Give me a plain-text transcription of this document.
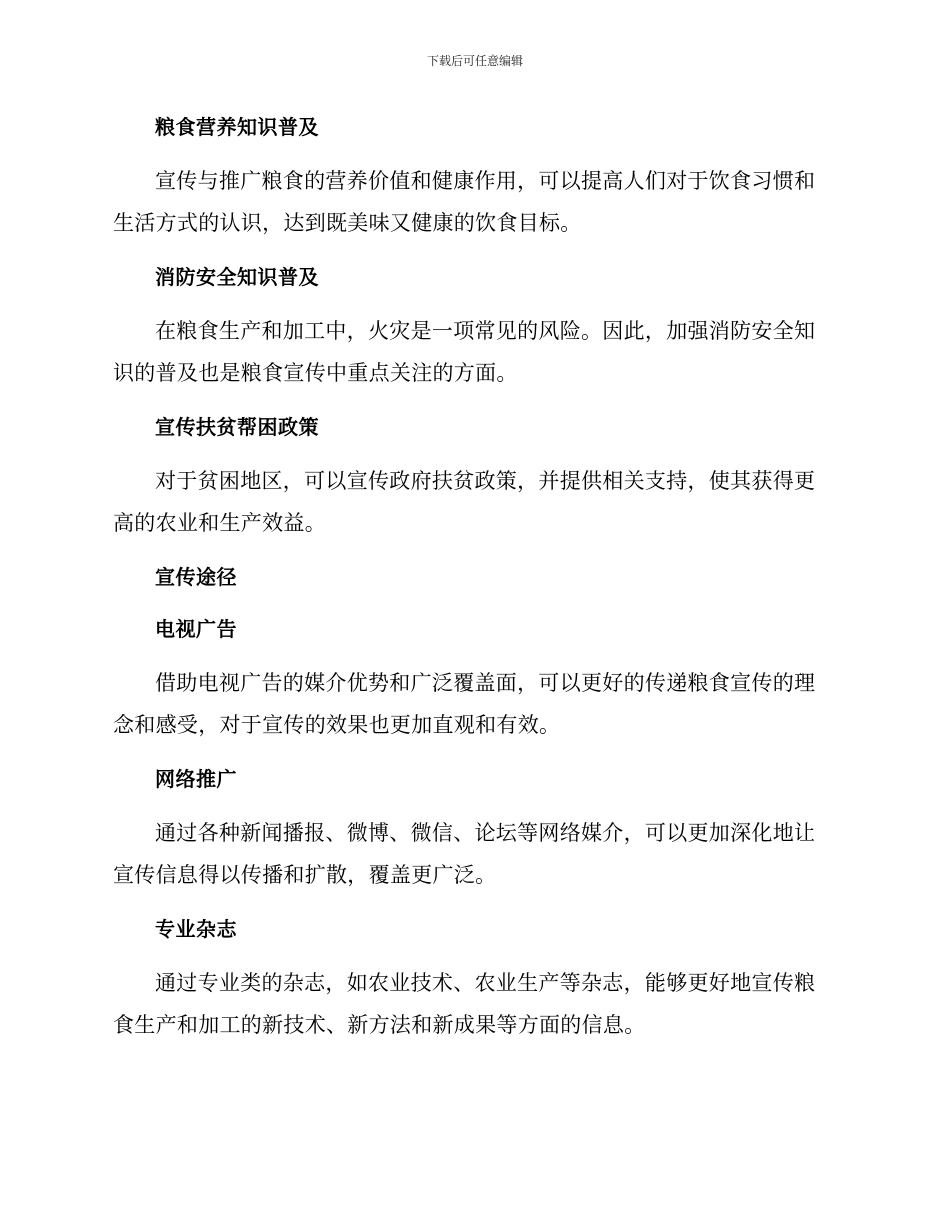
下载后可任意编辑
粮食营养知识普及
宣传与推广粮食的营养价值和健康作用，可以提高人们对于饮食习惯和生活方式的认识，达到既美味又健康的饮食目标。
消防安全知识普及
在粮食生产和加工中，火灾是一项常见的风险。因此，加强消防安全知识的普及也是粮食宣传中重点关注的方面。
宣传扶贫帮困政策
对于贫困地区，可以宣传政府扶贫政策，并提供相关支持，使其获得更高的农业和生产效益。
宣传途径
电视广告
借助电视广告的媒介优势和广泛覆盖面，可以更好的传递粮食宣传的理念和感受，对于宣传的效果也更加直观和有效。
网络推广
通过各种新闻播报、微博、微信、论坛等网络媒介，可以更加深化地让宣传信息得以传播和扩散，覆盖更广泛。
专业杂志
通过专业类的杂志，如农业技术、农业生产等杂志，能够更好地宣传粮食生产和加工的新技术、新方法和新成果等方面的信息。
